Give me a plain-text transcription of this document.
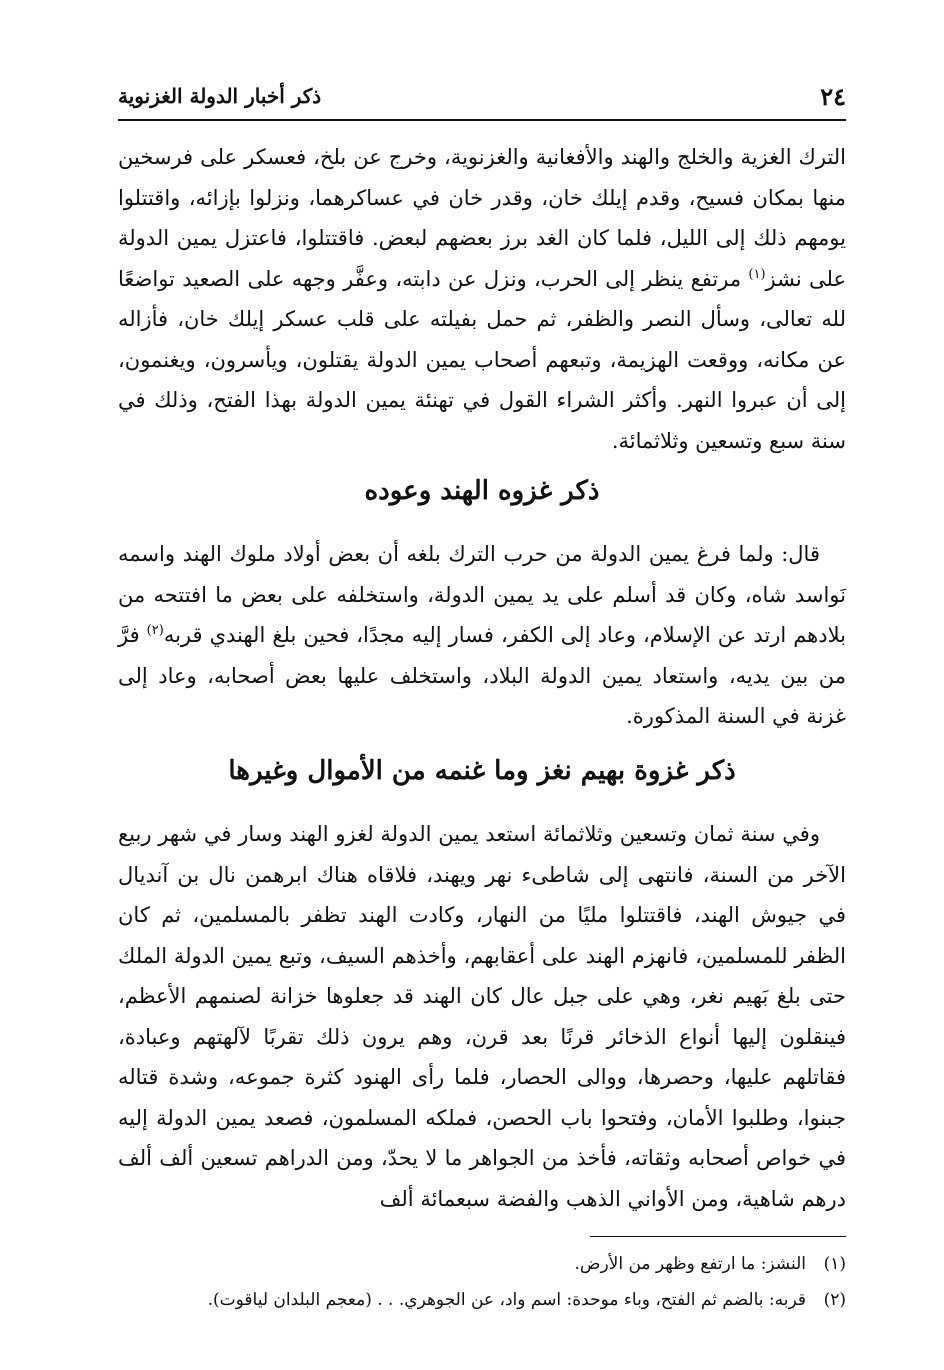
٢٤
ذكر أخبار الدولة الغزنوية

الترك الغزية والخلج والهند والأفغانية والغزنوية، وخرج عن بلخ، فعسكر على فرسخين منها بمكان فسيح، وقدم إيلك خان، وقدر خان في عساكرهما، ونزلوا بإزائه، واقتتلوا يومهم ذلك إلى الليل، فلما كان الغد برز بعضهم لبعض. فاقتتلوا، فاعتزل يمين الدولة على نشز$^{(١)}$ مرتفع ينظر إلى الحرب، ونزل عن دابته، وعفَّر وجهه على الصعيد تواضعًا لله تعالى، وسأل النصر والظفر، ثم حمل بفيلته على قلب عسكر إيلك خان، فأزاله عن مكانه، ووقعت الهزيمة، وتبعهم أصحاب يمين الدولة يقتلون، ويأسرون، ويغنمون، إلى أن عبروا النهر. وأكثر الشراء القول في تهنئة يمين الدولة بهذا الفتح، وذلك في سنة سبع وتسعين وثلاثمائة.

ذكر غزوه الهند وعوده

قال: ولما فرغ يمين الدولة من حرب الترك بلغه أن بعض أولاد ملوك الهند واسمه نَواسد شاه، وكان قد أسلم على يد يمين الدولة، واستخلفه على بعض ما افتتحه من بلادهم ارتد عن الإسلام، وعاد إلى الكفر، فسار إليه مجدًا، فحين بلغ الهندي قربه$^{(٢)}$ فرَّ من بين يديه، واستعاد يمين الدولة البلاد، واستخلف عليها بعض أصحابه، وعاد إلى غزنة في السنة المذكورة.

ذكر غزوة بهيم نغز وما غنمه من الأموال وغيرها

وفي سنة ثمان وتسعين وثلاثمائة استعد يمين الدولة لغزو الهند وسار في شهر ربيع الآخر من السنة، فانتهى إلى شاطىء نهر ويهند، فلاقاه هناك ابرهمن نال بن آنديال في جيوش الهند، فاقتتلوا مليًا من النهار، وكادت الهند تظفر بالمسلمين، ثم كان الظفر للمسلمين، فانهزم الهند على أعقابهم، وأخذهم السيف، وتبع يمين الدولة الملك حتى بلغ بَهيم نغر، وهي على جبل عال كان الهند قد جعلوها خزانة لصنمهم الأعظم، فينقلون إليها أنواع الذخائر قرنًا بعد قرن، وهم يرون ذلك تقربًا لآلهتهم وعبادة، فقاتلهم عليها، وحصرها، ووالى الحصار، فلما رأى الهنود كثرة جموعه، وشدة قتاله جبنوا، وطلبوا الأمان، وفتحوا باب الحصن، فملكه المسلمون، فصعد يمين الدولة إليه في خواص أصحابه وثقاته، فأخذ من الجواهر ما لا يحدّ، ومن الدراهم تسعين ألف ألف درهم شاهية، ومن الأواني الذهب والفضة سبعمائة ألف

(١)النشز: ما ارتفع وظهر من الأرض.
(٢)قربه: بالضم ثم الفتح، وباء موحدة: اسم واد، عن الجوهري. . . (معجم البلدان لياقوت).
